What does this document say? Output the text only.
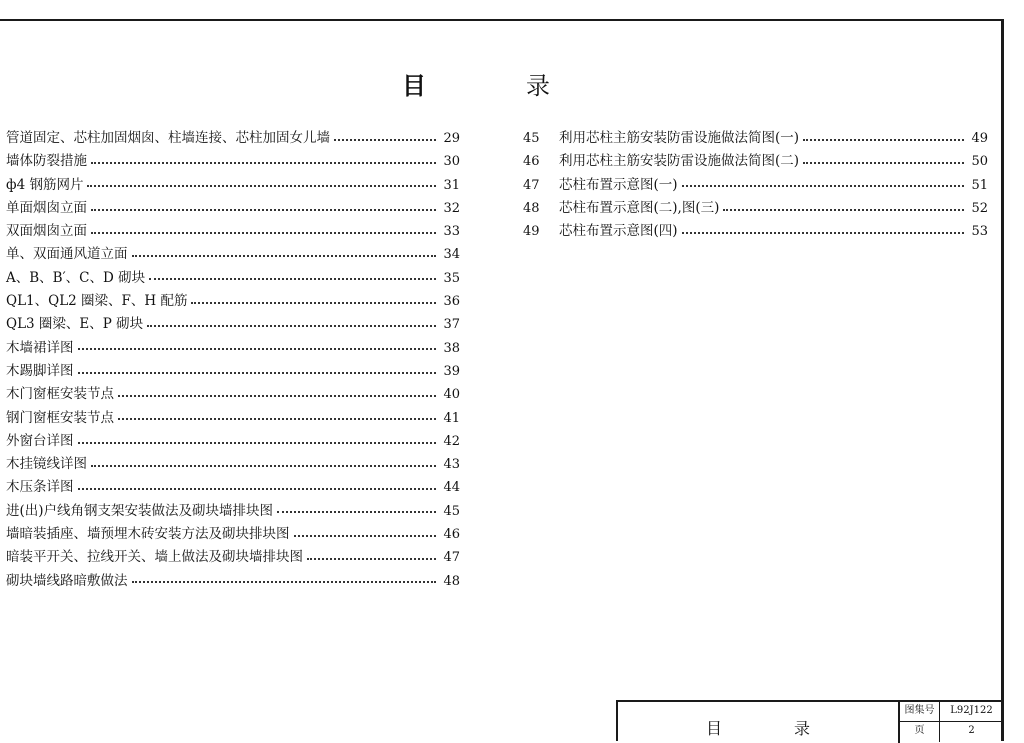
目	录
管道固定、芯柱加固烟囱、柱墙连接、芯柱加固女儿墙	29
墙体防裂措施	30
ф4 钢筋网片	31
单面烟囱立面	32
双面烟囱立面	33
单、双面通风道立面	34
A、B、B′、C、D 砌块	35
QL1、QL2 圈梁、F、H 配筋	36
QL3 圈梁、E、P 砌块	37
木墙裙详图	38
木踢脚详图	39
木门窗框安装节点	40
钢门窗框安装节点	41
外窗台详图	42
木挂镜线详图	43
木压条详图	44
进(出)户线角钢支架安装做法及砌块墙排块图	45
墙暗装插座、墙预埋木砖安装方法及砌块排块图	46
暗装平开关、拉线开关、墙上做法及砌块墙排块图	47
砌块墙线路暗敷做法	48
45	利用芯柱主筋安装防雷设施做法简图(一)	49
46	利用芯柱主筋安装防雷设施做法简图(二)	50
47	芯柱布置示意图(一)	51
48	芯柱布置示意图(二),图(三)	52
49	芯柱布置示意图(四)	53
目	录
图集号	L92J122
页	2
